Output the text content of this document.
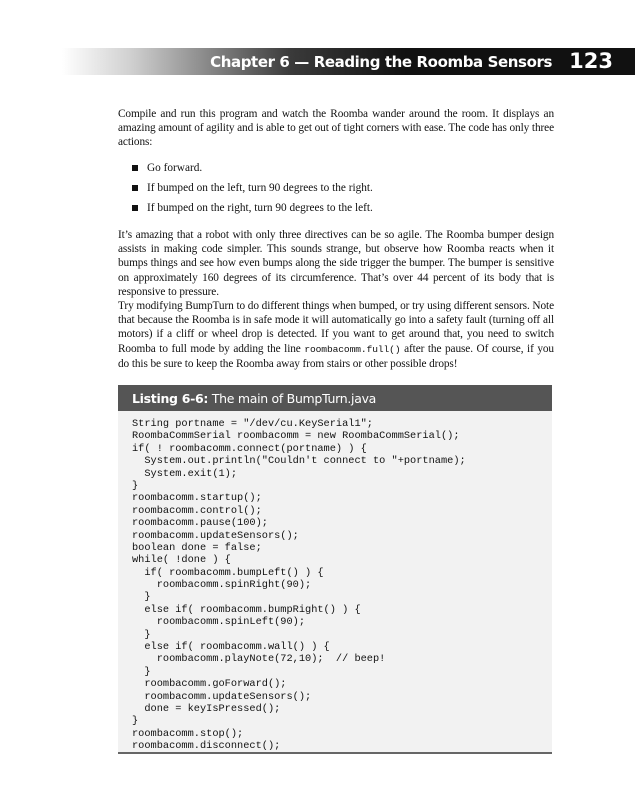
Chapter 6 — Reading the Roomba Sensors 123
Compile and run this program and watch the Roomba wander around the room. It displays an amazing amount of agility and is able to get out of tight corners with ease. The code has only three actions:
Go forward.
If bumped on the left, turn 90 degrees to the right.
If bumped on the right, turn 90 degrees to the left.
It’s amazing that a robot with only three directives can be so agile. The Roomba bumper design assists in making code simpler. This sounds strange, but observe how Roomba reacts when it bumps things and see how even bumps along the side trigger the bumper. The bumper is sensitive on approximately 160 degrees of its circumference. That’s over 44 percent of its body that is responsive to pressure.
Try modifying BumpTurn to do different things when bumped, or try using different sensors. Note that because the Roomba is in safe mode it will automatically go into a safety fault (turning off all motors) if a cliff or wheel drop is detected. If you want to get around that, you need to switch Roomba to full mode by adding the line roombacomm.full() after the pause. Of course, if you do this be sure to keep the Roomba away from stairs or other possible drops!
Listing 6-6: The main of BumpTurn.java
String portname = "/dev/cu.KeySerial1";
RoombaCommSerial roombacomm = new RoombaCommSerial();
if( ! roombacomm.connect(portname) ) {
System.out.println("Couldn't connect to "+portname);
System.exit(1);
}
roombacomm.startup();
roombacomm.control();
roombacomm.pause(100);
roombacomm.updateSensors();
boolean done = false;
while( !done ) {
if( roombacomm.bumpLeft() ) {
roombacomm.spinRight(90);
}
else if( roombacomm.bumpRight() ) {
roombacomm.spinLeft(90);
}
else if( roombacomm.wall() ) {
roombacomm.playNote(72,10);  // beep!
}
roombacomm.goForward();
roombacomm.updateSensors();
done = keyIsPressed();
}
roombacomm.stop();
roombacomm.disconnect();
